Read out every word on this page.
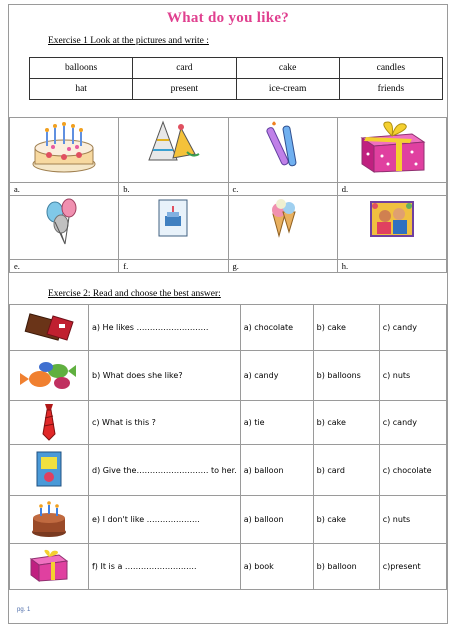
What do you like?
Exercise 1 Look at the pictures and write :
balloons	card	cake	candles
hat	present	ice-cream	friends

a.	b.	c.	d.

e.	f.	g.	h.
Exercise 2: Read and choose the best answer:
	a) He likes ………………………	a) chocolate	b) cake	c) candy
	b) What does she like?	a) candy	b) balloons	c) nuts
	c) What is this ?	a) tie	b) cake	c) candy
	d) Give the……………………… to her.	a) balloon	b) card	c) chocolate
	e) I don't like ………………..	a) balloon	b) cake	c) nuts
	f) It is a ………………….…..	a) book	b) balloon	c)present
pg. 1
